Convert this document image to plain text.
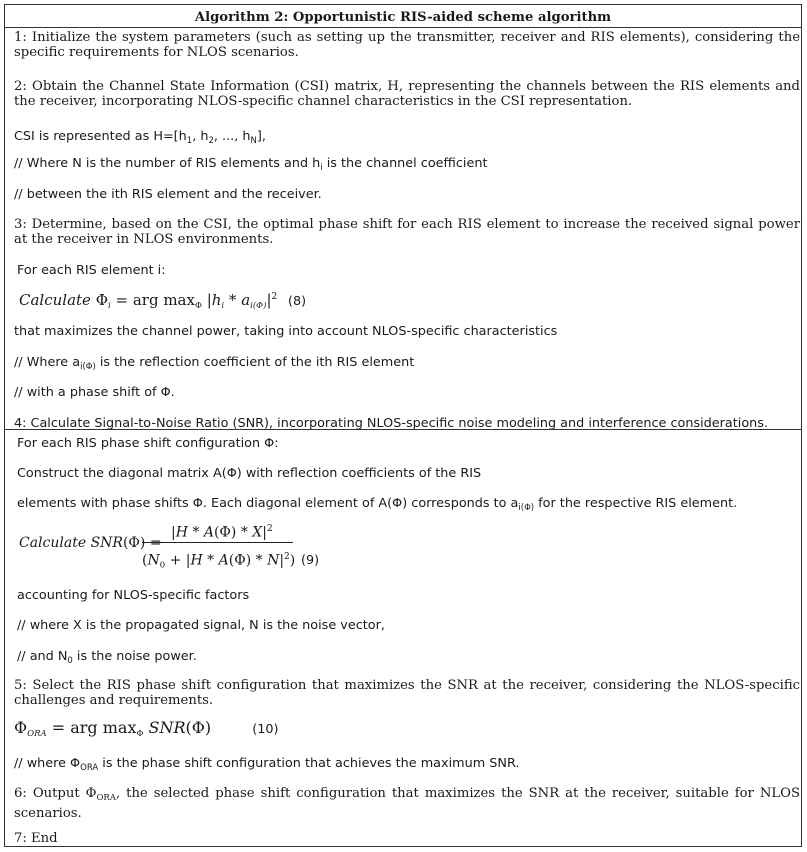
Algorithm 2: Opportunistic RIS-aided scheme algorithm
1: Initialize the system parameters (such as setting up the transmitter, receiver and RIS elements), considering the specific requirements for NLOS scenarios.
2: Obtain the Channel State Information (CSI) matrix, H, representing the channels between the RIS elements and the receiver, incorporating NLOS-specific channel characteristics in the CSI representation.
CSI is represented as $H=[h_1$, $h_2$, ..., $h_N$],
// Where N is the number of RIS elements and $h_i$ is the channel coefficient
// between the ith RIS element and the receiver.
3: Determine, based on the CSI, the optimal phase shift for each RIS element to increase the received signal power at the receiver in NLOS environments.
For each RIS element i:
Calculate $\Phi_i$ = arg $\max_\Phi |h_i * a_{i(\Phi)}|^2$ (8)
that maximizes the channel power, taking into account NLOS-specific characteristics
// Where $a_{i(\Phi)}$ is the reflection coefficient of the ith RIS element
// with a phase shift of Φ.
4: Calculate Signal-to-Noise Ratio (SNR), incorporating NLOS-specific noise modeling and interference considerations.
For each RIS phase shift configuration Φ:
Construct the diagonal matrix A(Φ) with reflection coefficients of the RIS
elements with phase shifts Φ. Each diagonal element of A(Φ) corresponds to $a_{i(\Phi)}$ for the respective RIS element.
Calculate SNR(Φ) =
$|H * A(\Phi) * X|^2$
$(N_0 + |H * A(\Phi) * N|^2)$ (9)
accounting for NLOS-specific factors
// where X is the propagated signal, N is the noise vector,
// and $N_0$ is the noise power.
5: Select the RIS phase shift configuration that maximizes the SNR at the receiver, considering the NLOS-specific challenges and requirements.
$\Phi_{ORA}$ = arg $\max_\Phi SNR(\Phi)$	(10)
// where $\Phi_{ORA}$ is the phase shift configuration that achieves the maximum SNR.
6: Output $\Phi_{ORA}$, the selected phase shift configuration that maximizes the SNR at the receiver, suitable for NLOS scenarios.
7: End
